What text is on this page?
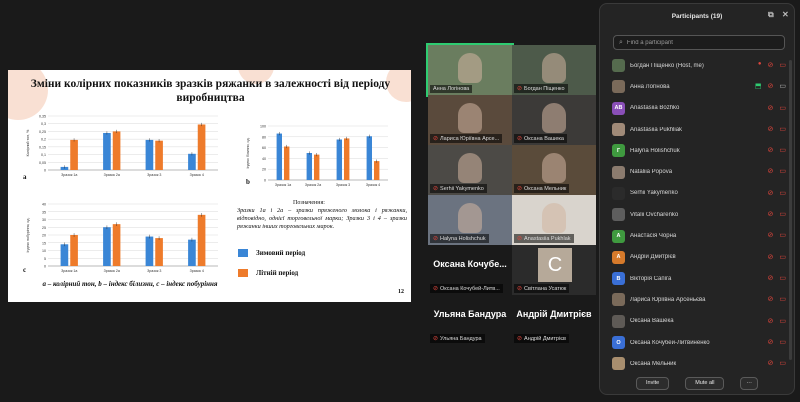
Зміни колірних показників зразків ряжанки в залежності від періоду виробництва
0
0,05
0,1
0,15
0,2
0,25
0,3
0,35
Колірний тон, %
Зразок 1а	Зразок 2а	Зразок 3	Зразок 4
0
20
40
60
80
100
Індекс білизни, од.
Зразок 1а	Зразок 2а	Зразок 3	Зразок 4
0
5
10
15
20
25
30
35
40
Індекс побуріння, од.
Зразок 1а	Зразок 2а	Зразок 3	Зразок 4
а
b
c
Позначення:
Зразки 1а і 2а – зразки пряженого молока і ряжанки, відповідно, однієї торговельної марки; Зразки 3 і 4 – зразки ряжанки інших торговельних марок.
Зимовий період
Літній період
а – колірний тон, b – індекс білизни, с – індекс побуріння
12
Анна Логінова	⊘ Богдан Піщенко
⊘ Лариса Юріївна Арсе...	⊘ Оксана Вашека
⊘ Serhii Yakymenko	⊘ Оксана Мельник
⊘ Halyna Holishchuk	⊘ Anastasiia Pukhlak
Оксана Кочубе...
⊘ Оксана Кочубей-Литв...
С
⊘ Світлана Усатюк
Ульяна Бандура
⊘ Ульяна Бандура
Андрій Дмитрієв
⊘ Андрій Дмитрієв
Participants (19)	⧉ ✕
⌕
Find a participant
Богдан Піщенко (Host, me)	● ⊘ ▭
Анна Логінова	⬒ ⊘ ▭
AB	Anastasiia Bozhko	⊘ ▭
Anastasiia Pukhliak	⊘ ▭
Г	Halyna Holishchuk	⊘ ▭
Nataliia Popova	⊘ ▭
Serhii Yakymenko	⊘ ▭
Vitalii Ovcharenko	⊘ ▭
А	Анастасія Чорна	⊘ ▭
А	Андрій Дмитрієв	⊘ ▭
В	Вікторія Сапіга	⊘ ▭
Лариса Юріївна Арсеньєва	⊘ ▭
Оксана Вашека	⊘ ▭
О	Оксана Кочубей-Литвиненко	⊘ ▭
Оксана Мельник	⊘ ▭
Invite	Mute all	···
